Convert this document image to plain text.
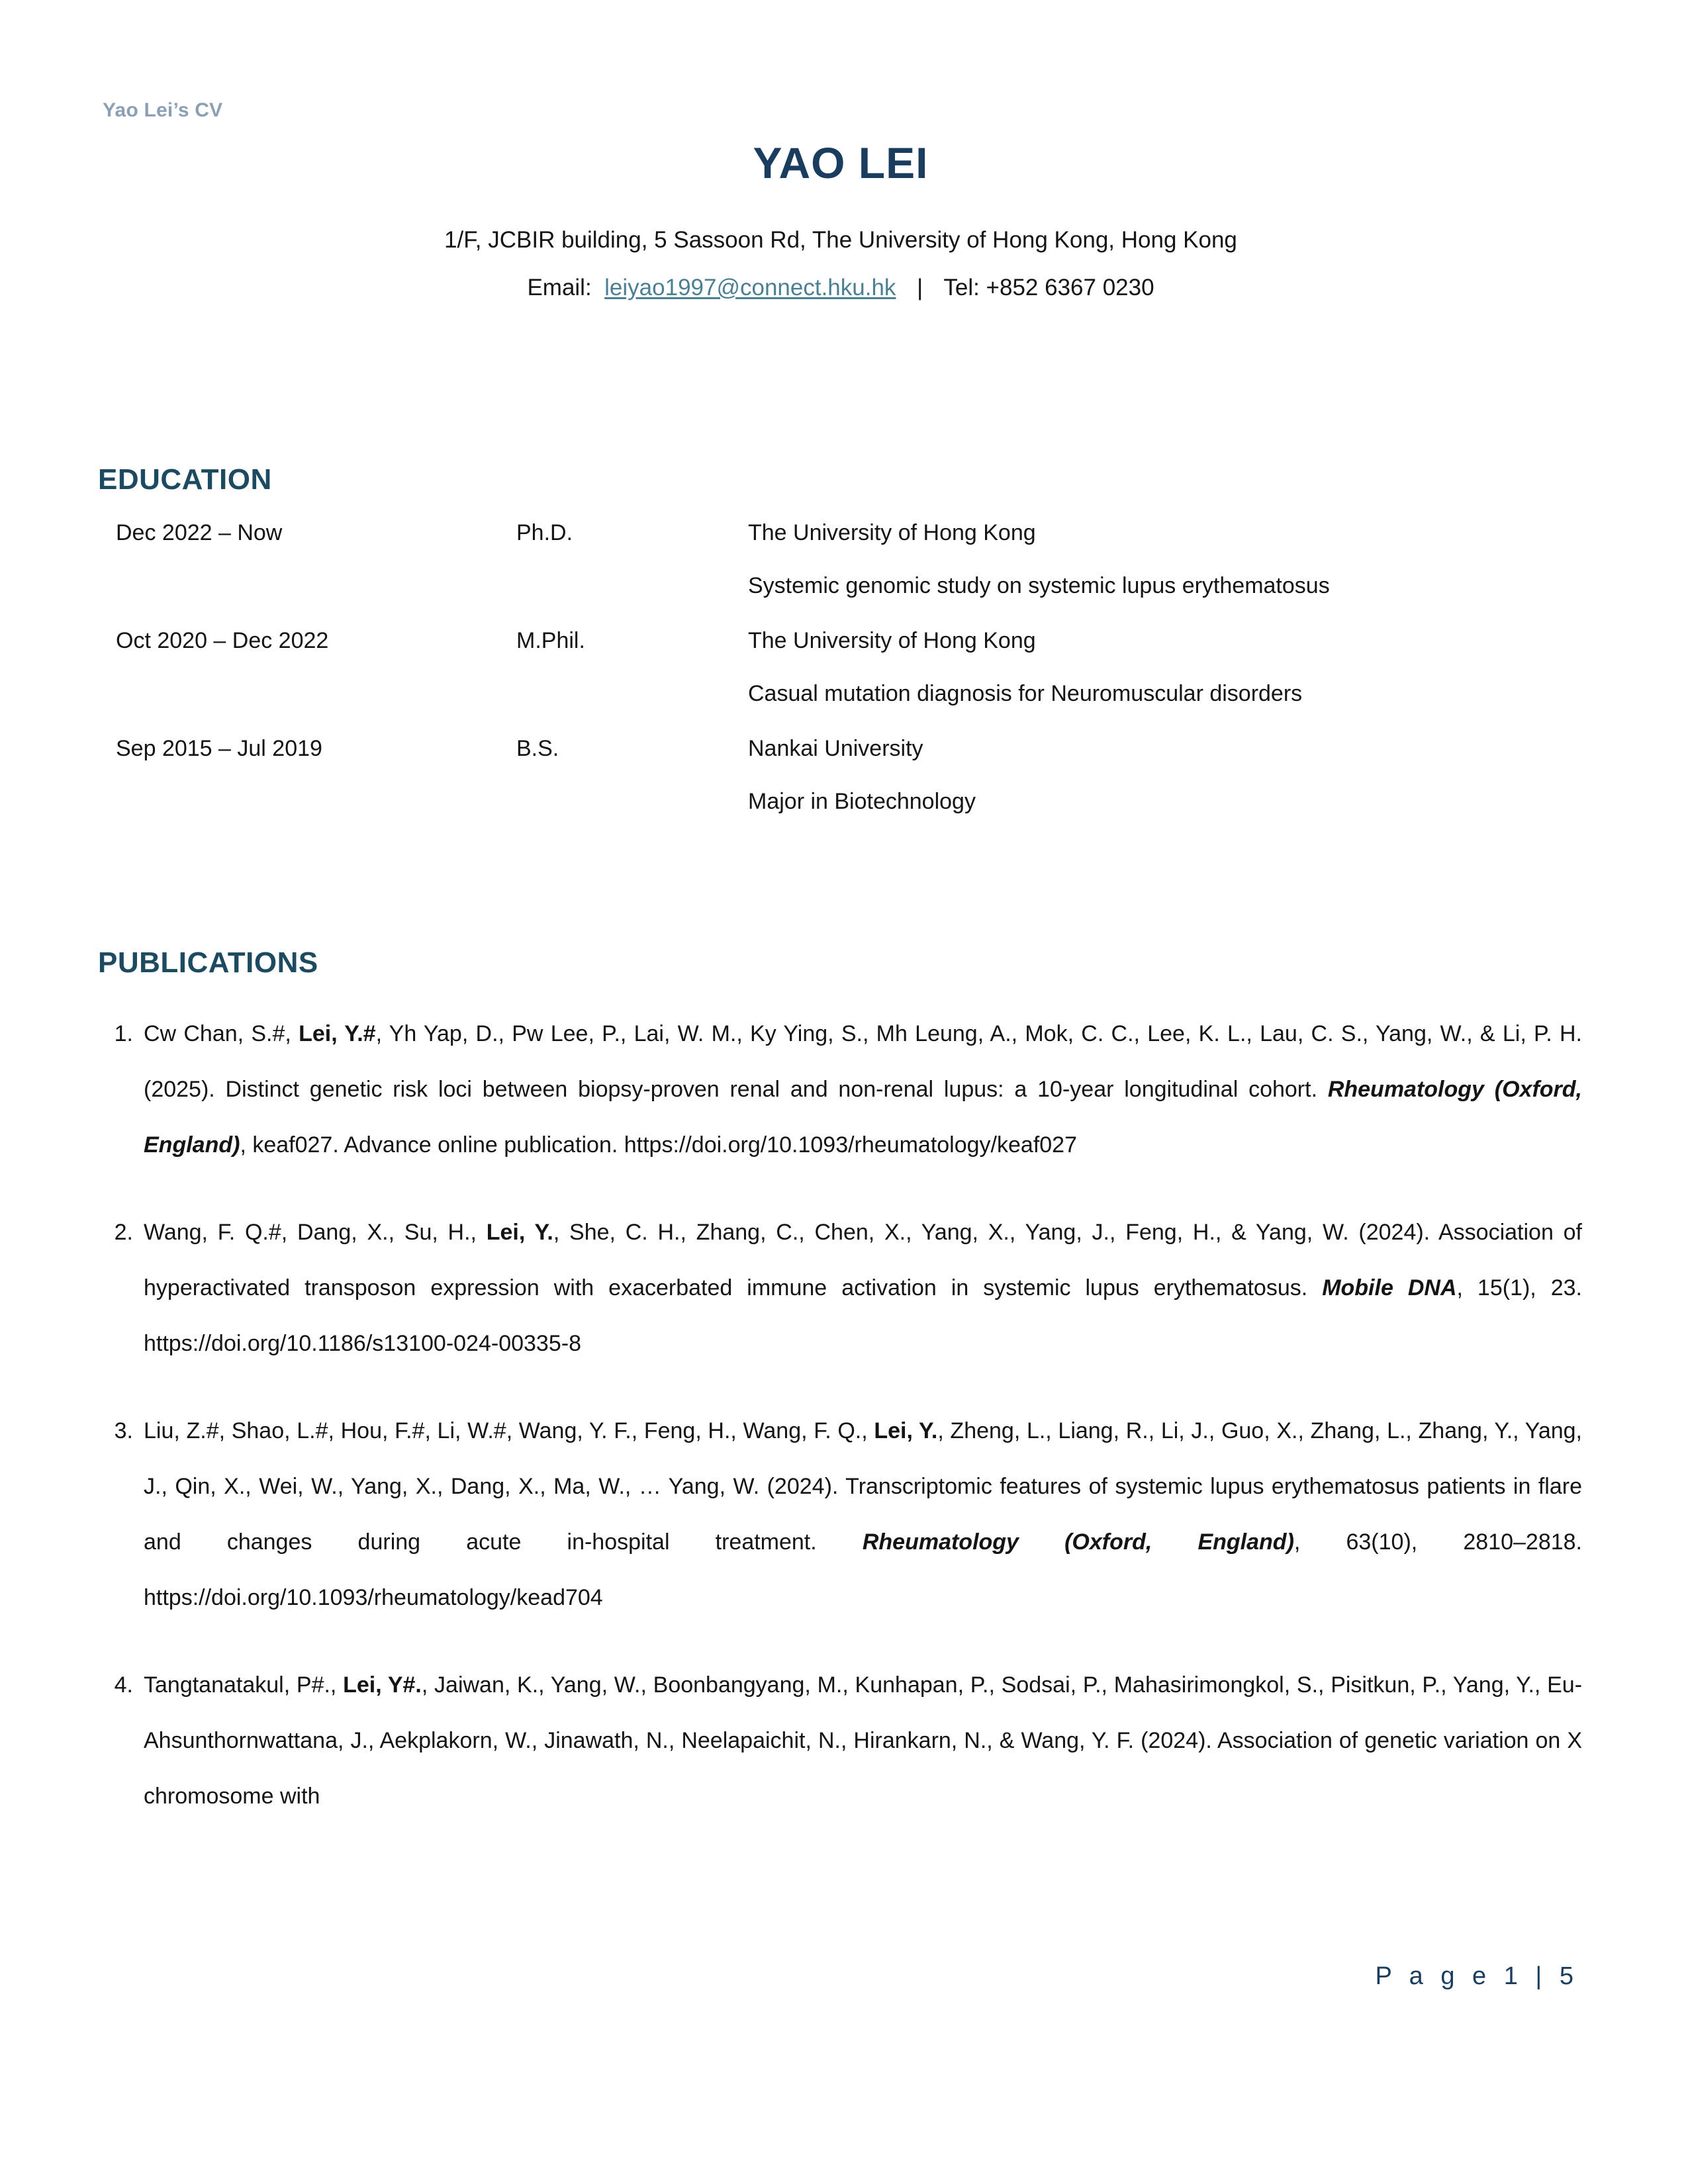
Yao Lei’s CV
YAO LEI
1/F, JCBIR building, 5 Sassoon Rd, The University of Hong Kong, Hong Kong
Email: leiyao1997@connect.hku.hk | Tel: +852 6367 0230
EDUCATION
Dec 2022 – Now	Ph.D.	The University of Hong Kong
Systemic genomic study on systemic lupus erythematosus
Oct 2020 – Dec 2022	M.Phil.	The University of Hong Kong
Casual mutation diagnosis for Neuromuscular disorders
Sep 2015 – Jul 2019	B.S.	Nankai University
Major in Biotechnology
PUBLICATIONS
1. Cw Chan, S.#, Lei, Y.#, Yh Yap, D., Pw Lee, P., Lai, W. M., Ky Ying, S., Mh Leung, A., Mok, C. C., Lee, K. L., Lau, C. S., Yang, W., & Li, P. H. (2025). Distinct genetic risk loci between biopsy-proven renal and non-renal lupus: a 10-year longitudinal cohort. Rheumatology (Oxford, England), keaf027. Advance online publication. https://doi.org/10.1093/rheumatology/keaf027
2. Wang, F. Q.#, Dang, X., Su, H., Lei, Y., She, C. H., Zhang, C., Chen, X., Yang, X., Yang, J., Feng, H., & Yang, W. (2024). Association of hyperactivated transposon expression with exacerbated immune activation in systemic lupus erythematosus. Mobile DNA, 15(1), 23. https://doi.org/10.1186/s13100-024-00335-8
3. Liu, Z.#, Shao, L.#, Hou, F.#, Li, W.#, Wang, Y. F., Feng, H., Wang, F. Q., Lei, Y., Zheng, L., Liang, R., Li, J., Guo, X., Zhang, L., Zhang, Y., Yang, J., Qin, X., Wei, W., Yang, X., Dang, X., Ma, W., … Yang, W. (2024). Transcriptomic features of systemic lupus erythematosus patients in flare and changes during acute in-hospital treatment. Rheumatology (Oxford, England), 63(10), 2810–2818. https://doi.org/10.1093/rheumatology/kead704
4. Tangtanatakul, P#., Lei, Y#., Jaiwan, K., Yang, W., Boonbangyang, M., Kunhapan, P., Sodsai, P., Mahasirimongkol, S., Pisitkun, P., Yang, Y., Eu-Ahsunthornwattana, J., Aekplakorn, W., Jinawath, N., Neelapaichit, N., Hirankarn, N., & Wang, Y. F. (2024). Association of genetic variation on X chromosome with
P a g e 1 | 5
